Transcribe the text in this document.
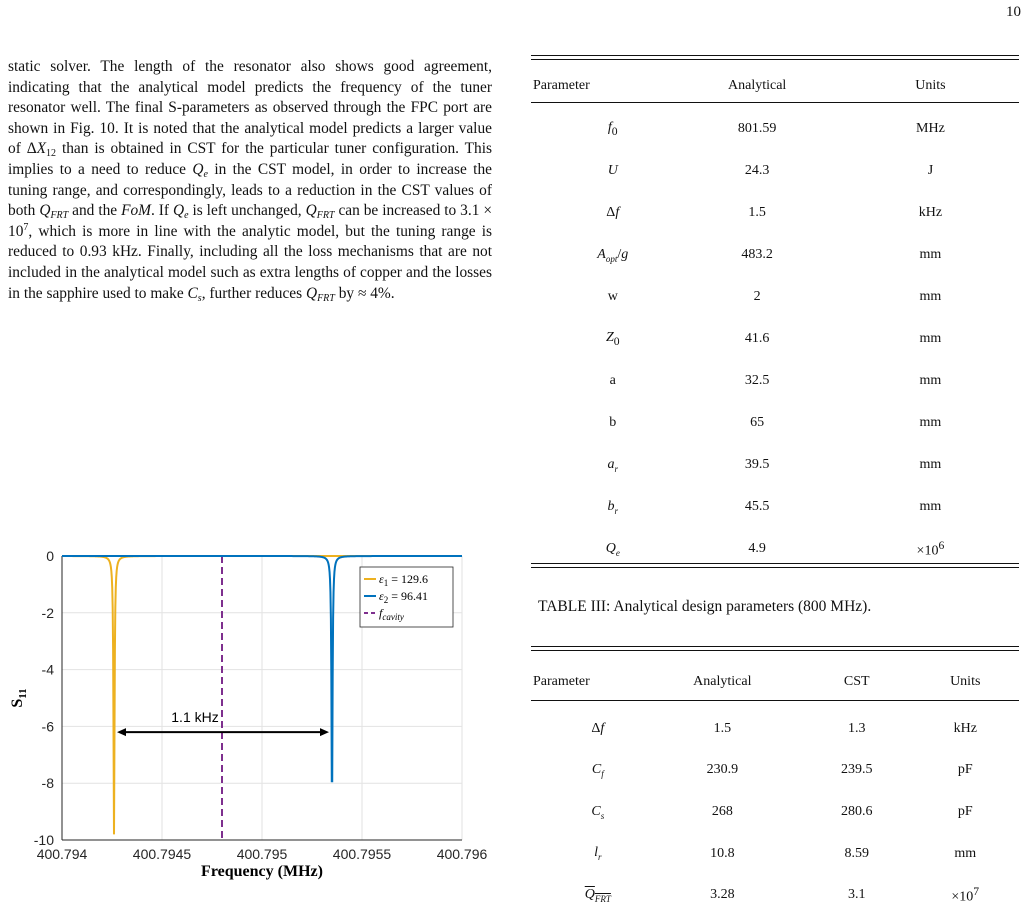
10

static solver. The length of the resonator also shows good agreement, indicating that the analytical model predicts the frequency of the tuner resonator well. The final S-parameters as observed through the FPC port are shown in Fig. 10. It is noted that the analytical model predicts a larger value of $\Delta X_{12}$ than is obtained in CST for the particular tuner configuration. This implies to a need to reduce $Q_e$ in the CST model, in order to increase the tuning range, and correspondingly, leads to a reduction in the CST values of both $Q_{FRT}$ and the FoM. If $Q_e$ is left unchanged, $Q_{FRT}$ can be increased to $3.1 \times 10^7$, which is more in line with the analytic model, but the tuning range is reduced to 0.93 kHz. Finally, including all the loss mechanisms that are not included in the analytical model such as extra lengths of copper and the losses in the sapphire used to make $C_s$, further reduces $Q_{FRT}$ by ≈ 4%.

400.794	400.7945	400.795	400.7955	400.796
0
-2
-4
-6
-8
-10
1.1 kHz
$\varepsilon_1 = 129.6$
$\varepsilon_2 = 96.41$
$f_{cavity}$
Frequency (MHz)
$S_{11}$
Parameter	Analytical	Units
$f_0$	801.59	MHz
U	24.3	J
Δf	1.5	kHz
$A_{opt}/g$	483.2	mm
w	2	mm
$Z_0$	41.6	mm
a	32.5	mm
b	65	mm
$a_r$	39.5	mm
$b_r$	45.5	mm
$Q_e$	4.9	$\times 10^6$
TABLE III: Analytical design parameters (800 MHz).
Parameter	Analytical	CST	Units
Δf	1.5	1.3	kHz
$C_f$	230.9	239.5	pF
$C_s$	268	280.6	pF
$l_r$	10.8	8.59	mm
$Q_{FRT}$	3.28	3.1	$\times 10^7$
